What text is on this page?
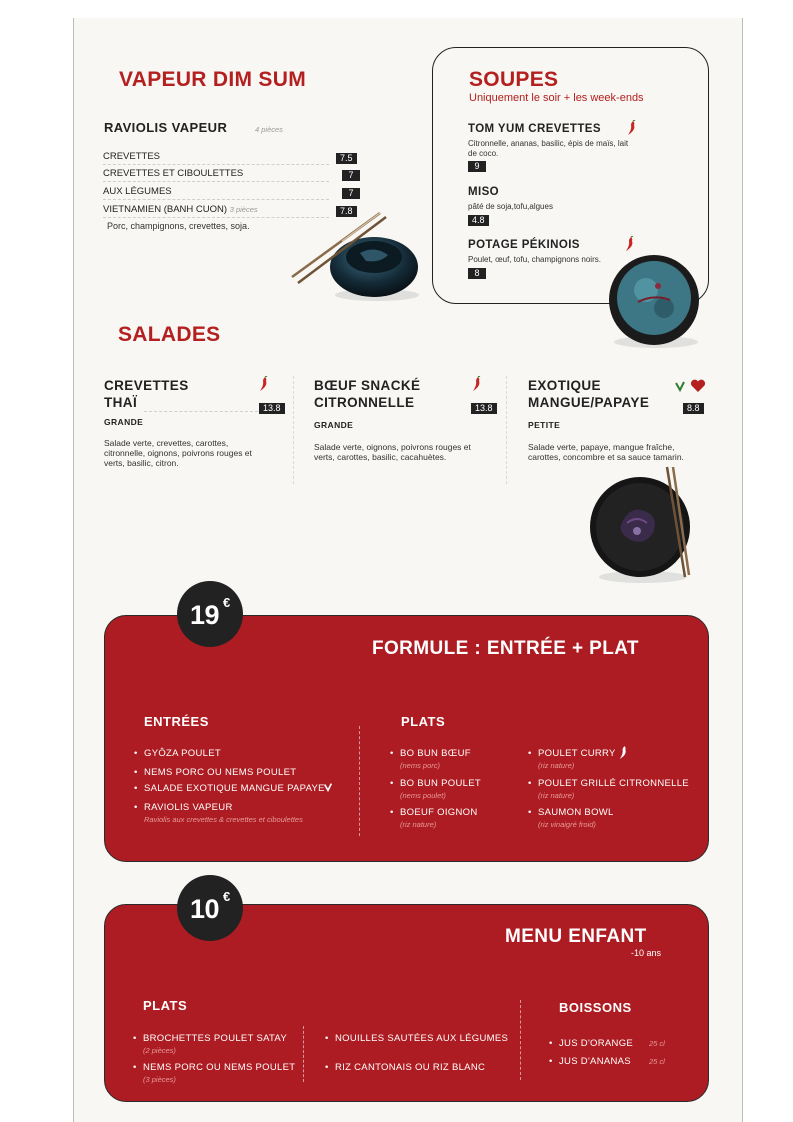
VAPEUR DIM SUM
RAVIOLIS VAPEUR	4 pièces
CREVETTES	7.5
CREVETTES ET CIBOULETTES	7
AUX LÉGUMES	7
VIETNAMIEN (BANH CUON) 3 pièces	7.8
Porc, champignons, crevettes, soja.
SOUPES
Uniquement le soir + les week-ends
TOM YUM CREVETTES
Citronnelle, ananas, basilic, épis de maïs, lait de coco.
9
MISO
pâté de soja,tofu,algues
4.8
POTAGE PÉKINOIS
Poulet, œuf, tofu, champignons noirs.
8
SALADES
CREVETTES
THAÏ	13.8
GRANDE
Salade verte, crevettes, carottes, citronnelle, oignons, poivrons rouges et verts, basilic, citron.
BŒUF SNACKÉ
CITRONNELLE	13.8
GRANDE
Salade verte, oignons, poivrons rouges et verts, carottes, basilic, cacahuètes.
EXOTIQUE
MANGUE/PAPAYE	8.8
PETITE
Salade verte, papaye, mangue fraîche, carottes, concombre et sa sauce tamarin.
19 €
FORMULE : ENTRÉE + PLAT
ENTRÉES
• GYÔZA POULET
• NEMS PORC OU NEMS POULET
• SALADE EXOTIQUE MANGUE PAPAYE
• RAVIOLIS VAPEUR
Raviolis aux crevettes & crevettes et ciboulettes
PLATS
• BO BUN BŒUF
(nems porc)
• BO BUN POULET
(nems poulet)
• BOEUF OIGNON
(riz nature)
• POULET CURRY
(riz nature)
• POULET GRILLÉ CITRONNELLE
(riz nature)
• SAUMON BOWL
(riz vinaigré froid)
10 €
MENU ENFANT
-10 ans
PLATS
• BROCHETTES POULET SATAY
(2 pièces)
• NEMS PORC OU NEMS POULET
(3 pièces)
• NOUILLES SAUTÉES AUX LÉGUMES
• RIZ CANTONAIS OU RIZ BLANC
BOISSONS
• JUS D'ORANGE 25 cl
• JUS D'ANANAS 25 cl
